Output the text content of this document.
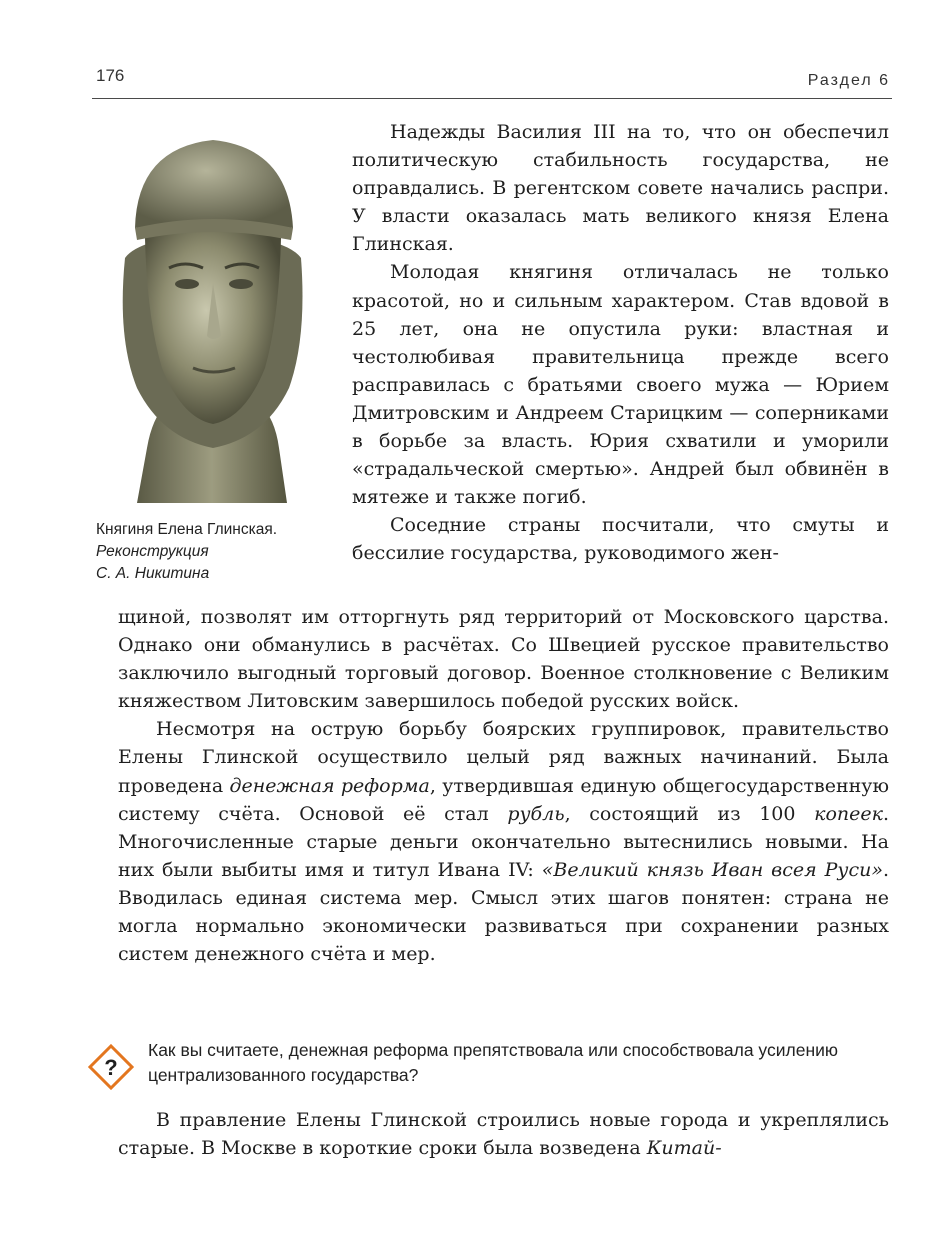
176	Раздел 6
Княгиня Елена Глинская.
Реконструкция
С. А. Никитина

Надежды Василия III на то, что он обеспечил политическую стабильность государства, не оправдались. В регентском совете начались распри. У власти оказалась мать великого князя Елена Глинская.

Молодая княгиня отличалась не только красотой, но и сильным характером. Став вдовой в 25 лет, она не опустила руки: властная и честолюбивая правительница прежде всего расправилась с братьями своего мужа — Юрием Дмитровским и Андреем Старицким — соперниками в борьбе за власть. Юрия схватили и уморили «страдальческой смертью». Андрей был обвинён в мятеже и также погиб.

Соседние страны посчитали, что смуты и бессилие государства, руководимого жен-

щиной, позволят им отторгнуть ряд территорий от Московского царства. Однако они обманулись в расчётах. Со Швецией русское правительство заключило выгодный торговый договор. Военное столкновение с Великим княжеством Литовским завершилось победой русских войск.

Несмотря на острую борьбу боярских группировок, правительство Елены Глинской осуществило целый ряд важных начинаний. Была проведена денежная реформа, утвердившая единую общегосударственную систему счёта. Основой её стал рубль, состоящий из 100 копеек. Многочисленные старые деньги окончательно вытеснились новыми. На них были выбиты имя и титул Ивана IV: «Великий князь Иван всея Руси». Вводилась единая система мер. Смысл этих шагов понятен: страна не могла нормально экономически развиваться при сохранении разных систем денежного счёта и мер.

?
Как вы считаете, денежная реформа препятствовала или способствовала усилению централизованного государства?

В правление Елены Глинской строились новые города и укреплялись старые. В Москве в короткие сроки была возведена Китай-
